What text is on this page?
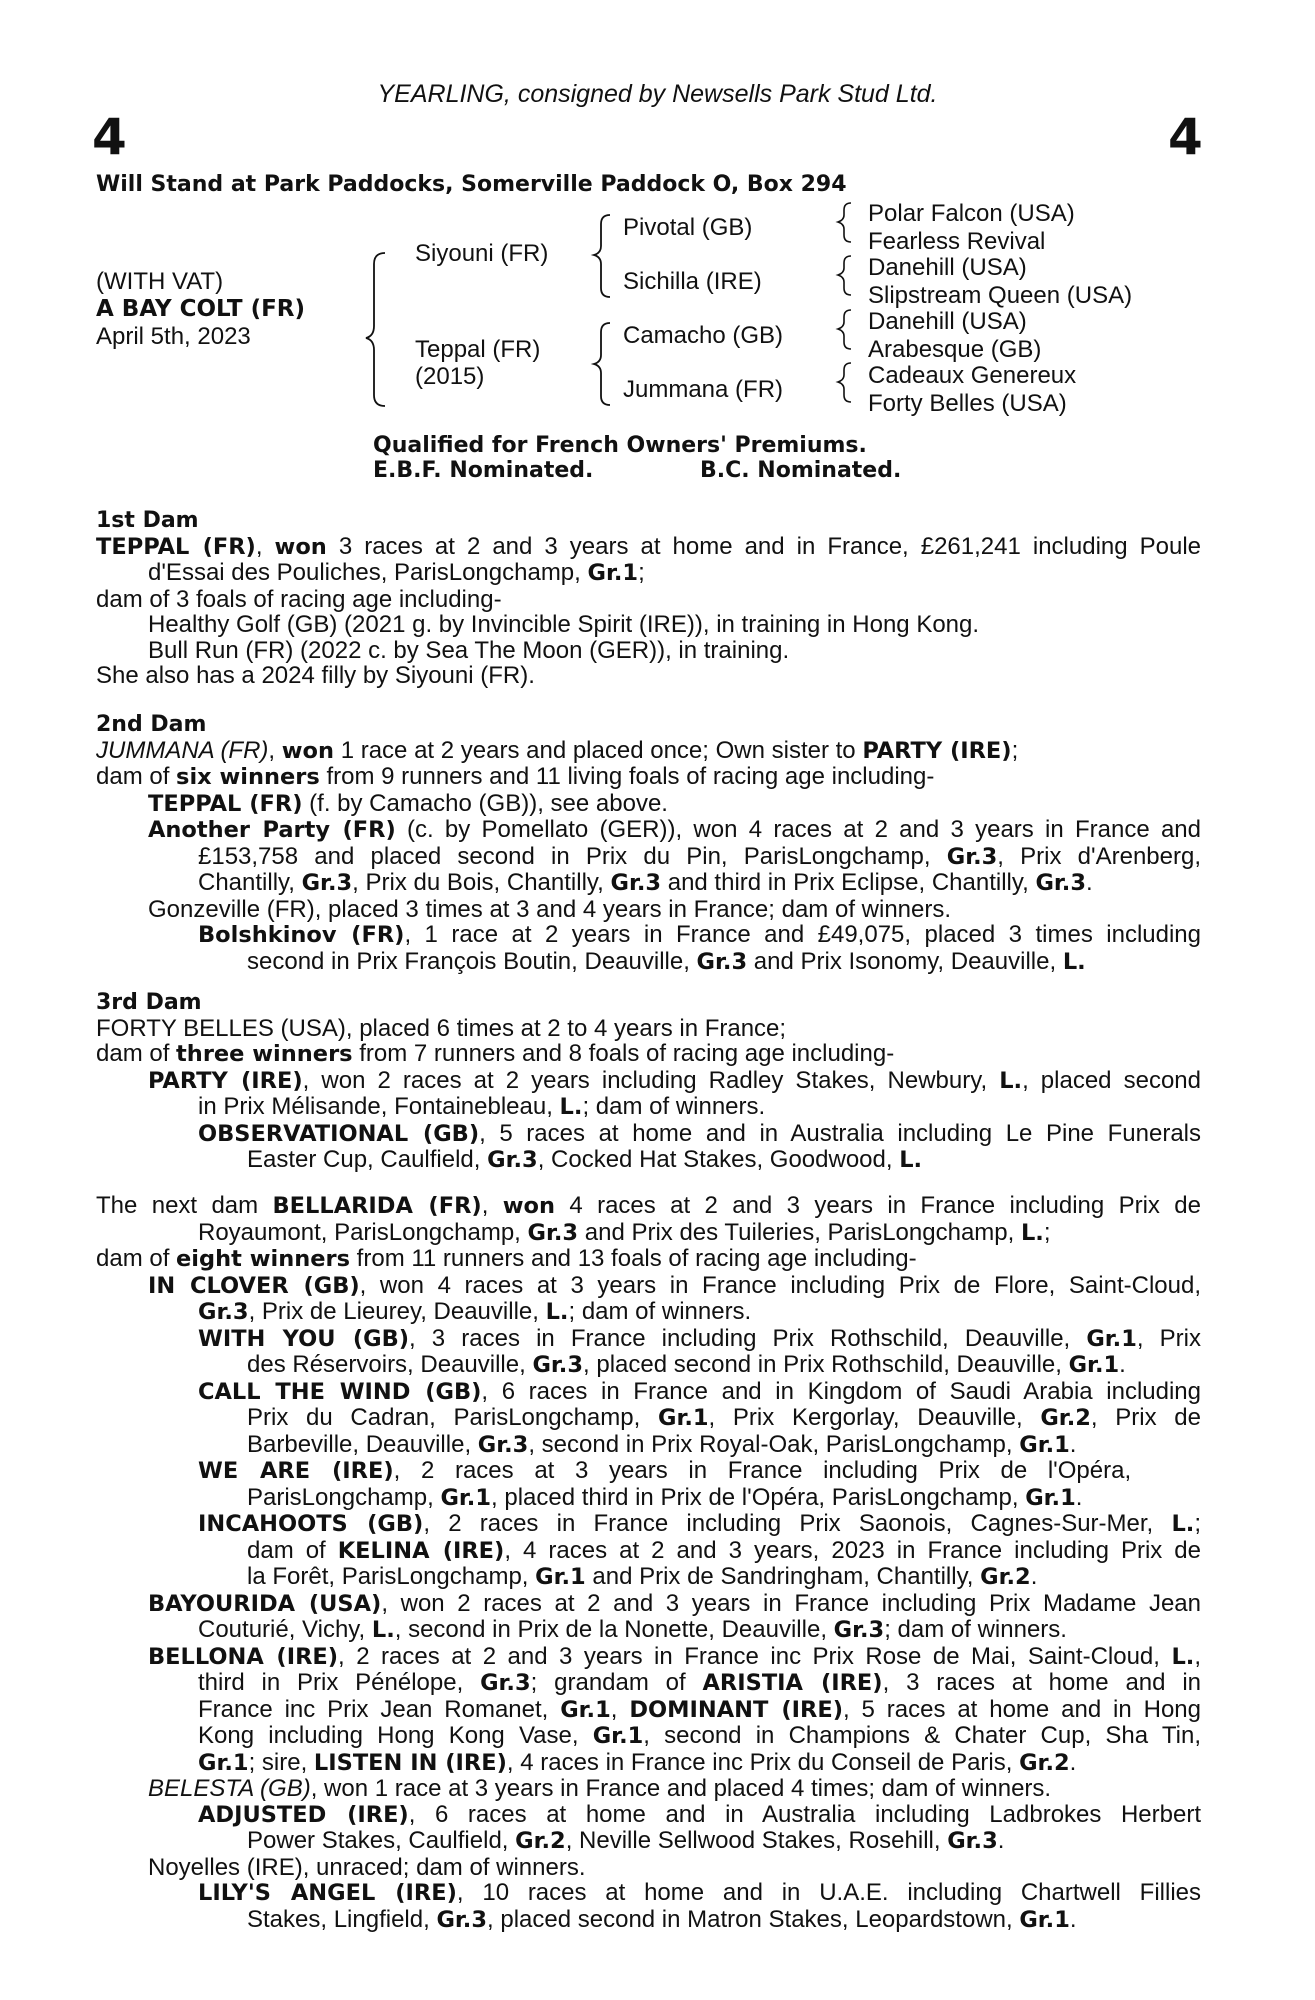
YEARLING, consigned by Newsells Park Stud Ltd.
4	4
Will Stand at Park Paddocks, Somerville Paddock O, Box 294
(WITH VAT)
A BAY COLT (FR)
April 5th, 2023
Siyouni (FR)
Teppal (FR)
(2015)
Pivotal (GB)
Sichilla (IRE)
Camacho (GB)
Jummana (FR)
Polar Falcon (USA)
Fearless Revival
Danehill (USA)
Slipstream Queen (USA)
Danehill (USA)
Arabesque (GB)
Cadeaux Genereux
Forty Belles (USA)
Qualified for French Owners' Premiums.
E.B.F. Nominated.	B.C. Nominated.
1st Dam
TEPPAL (FR), won 3 races at 2 and 3 years at home and in France, £261,241 including Poule
d'Essai des Pouliches, ParisLongchamp, Gr.1;
dam of 3 foals of racing age including-
Healthy Golf (GB) (2021 g. by Invincible Spirit (IRE)), in training in Hong Kong.
Bull Run (FR) (2022 c. by Sea The Moon (GER)), in training.
She also has a 2024 filly by Siyouni (FR).
2nd Dam
JUMMANA (FR), won 1 race at 2 years and placed once; Own sister to PARTY (IRE);
dam of six winners from 9 runners and 11 living foals of racing age including-
TEPPAL (FR) (f. by Camacho (GB)), see above.
Another Party (FR) (c. by Pomellato (GER)), won 4 races at 2 and 3 years in France and
£153,758 and placed second in Prix du Pin, ParisLongchamp, Gr.3, Prix d'Arenberg,
Chantilly, Gr.3, Prix du Bois, Chantilly, Gr.3 and third in Prix Eclipse, Chantilly, Gr.3.
Gonzeville (FR), placed 3 times at 3 and 4 years in France; dam of winners.
Bolshkinov (FR), 1 race at 2 years in France and £49,075, placed 3 times including
second in Prix François Boutin, Deauville, Gr.3 and Prix Isonomy, Deauville, L.
3rd Dam
FORTY BELLES (USA), placed 6 times at 2 to 4 years in France;
dam of three winners from 7 runners and 8 foals of racing age including-
PARTY (IRE), won 2 races at 2 years including Radley Stakes, Newbury, L., placed second
in Prix Mélisande, Fontainebleau, L.; dam of winners.
OBSERVATIONAL (GB), 5 races at home and in Australia including Le Pine Funerals
Easter Cup, Caulfield, Gr.3, Cocked Hat Stakes, Goodwood, L.
The next dam BELLARIDA (FR), won 4 races at 2 and 3 years in France including Prix de
Royaumont, ParisLongchamp, Gr.3 and Prix des Tuileries, ParisLongchamp, L.;
dam of eight winners from 11 runners and 13 foals of racing age including-
IN CLOVER (GB), won 4 races at 3 years in France including Prix de Flore, Saint-Cloud,
Gr.3, Prix de Lieurey, Deauville, L.; dam of winners.
WITH YOU (GB), 3 races in France including Prix Rothschild, Deauville, Gr.1, Prix
des Réservoirs, Deauville, Gr.3, placed second in Prix Rothschild, Deauville, Gr.1.
CALL THE WIND (GB), 6 races in France and in Kingdom of Saudi Arabia including
Prix du Cadran, ParisLongchamp, Gr.1, Prix Kergorlay, Deauville, Gr.2, Prix de
Barbeville, Deauville, Gr.3, second in Prix Royal-Oak, ParisLongchamp, Gr.1.
WE ARE (IRE), 2 races at 3 years in France including Prix de l'Opéra,
ParisLongchamp, Gr.1, placed third in Prix de l'Opéra, ParisLongchamp, Gr.1.
INCAHOOTS (GB), 2 races in France including Prix Saonois, Cagnes-Sur-Mer, L.;
dam of KELINA (IRE), 4 races at 2 and 3 years, 2023 in France including Prix de
la Forêt, ParisLongchamp, Gr.1 and Prix de Sandringham, Chantilly, Gr.2.
BAYOURIDA (USA), won 2 races at 2 and 3 years in France including Prix Madame Jean
Couturié, Vichy, L., second in Prix de la Nonette, Deauville, Gr.3; dam of winners.
BELLONA (IRE), 2 races at 2 and 3 years in France inc Prix Rose de Mai, Saint-Cloud, L.,
third in Prix Pénélope, Gr.3; grandam of ARISTIA (IRE), 3 races at home and in
France inc Prix Jean Romanet, Gr.1, DOMINANT (IRE), 5 races at home and in Hong
Kong including Hong Kong Vase, Gr.1, second in Champions & Chater Cup, Sha Tin,
Gr.1; sire, LISTEN IN (IRE), 4 races in France inc Prix du Conseil de Paris, Gr.2.
BELESTA (GB), won 1 race at 3 years in France and placed 4 times; dam of winners.
ADJUSTED (IRE), 6 races at home and in Australia including Ladbrokes Herbert
Power Stakes, Caulfield, Gr.2, Neville Sellwood Stakes, Rosehill, Gr.3.
Noyelles (IRE), unraced; dam of winners.
LILY'S ANGEL (IRE), 10 races at home and in U.A.E. including Chartwell Fillies
Stakes, Lingfield, Gr.3, placed second in Matron Stakes, Leopardstown, Gr.1.
